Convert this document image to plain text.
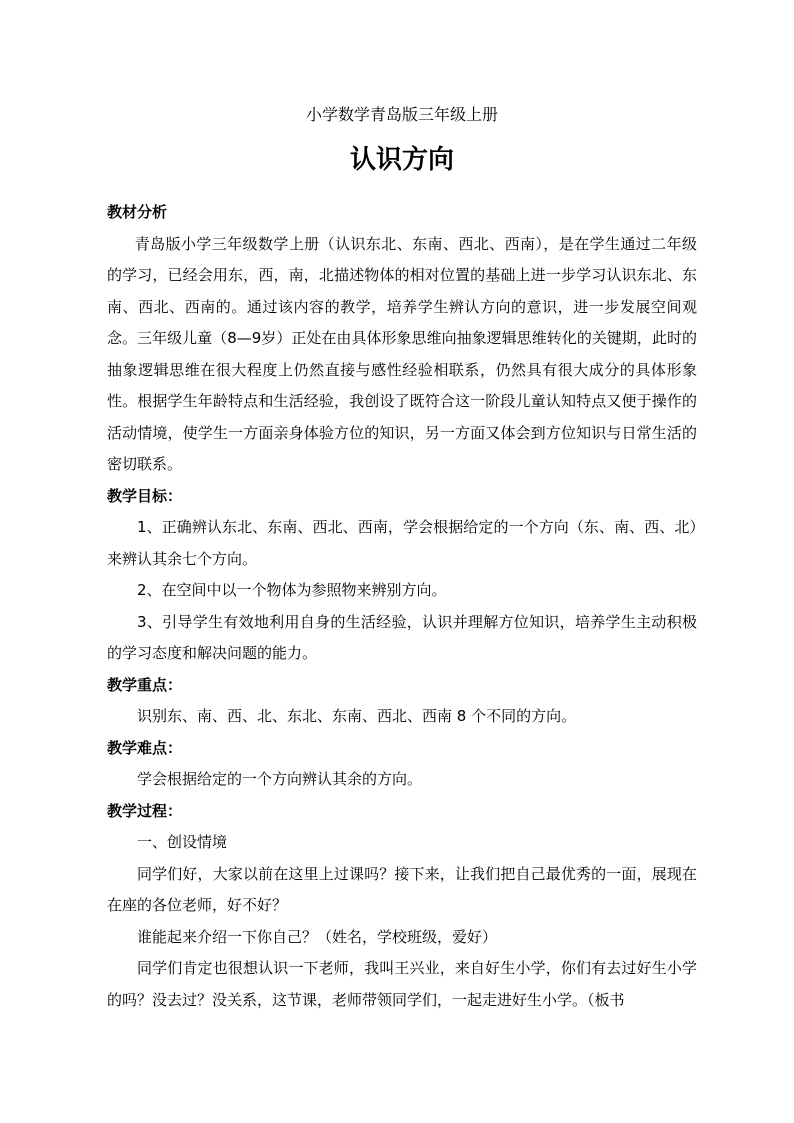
小学数学青岛版三年级上册
认识方向

教材分析

青岛版小学三年级数学上册（认识东北、东南、西北、西南），是在学生通过二年级的学习，已经会用东，西，南，北描述物体的相对位置的基础上进一步学习认识东北、东南、西北、西南的。通过该内容的教学，培养学生辨认方向的意识，进一步发展空间观念。三年级儿童（8—9岁）正处在由具体形象思维向抽象逻辑思维转化的关键期，此时的抽象逻辑思维在很大程度上仍然直接与感性经验相联系，仍然具有很大成分的具体形象性。根据学生年龄特点和生活经验，我创设了既符合这一阶段儿童认知特点又便于操作的活动情境，使学生一方面亲身体验方位的知识，另一方面又体会到方位知识与日常生活的密切联系。

教学目标：

1、正确辨认东北、东南、西北、西南，学会根据给定的一个方向（东、南、西、北）来辨认其余七个方向。

2、在空间中以一个物体为参照物来辨别方向。

3、引导学生有效地利用自身的生活经验，认识并理解方位知识，培养学生主动积极的学习态度和解决问题的能力。

教学重点：

识别东、南、西、北、东北、东南、西北、西南 8 个不同的方向。

教学难点：

学会根据给定的一个方向辨认其余的方向。

教学过程：

一、创设情境

同学们好，大家以前在这里上过课吗？接下来，让我们把自己最优秀的一面，展现在在座的各位老师，好不好？

谁能起来介绍一下你自己？（姓名，学校班级，爱好）

同学们肯定也很想认识一下老师，我叫王兴业，来自好生小学，你们有去过好生小学的吗？没去过？没关系，这节课，老师带领同学们，一起走进好生小学。（板书
